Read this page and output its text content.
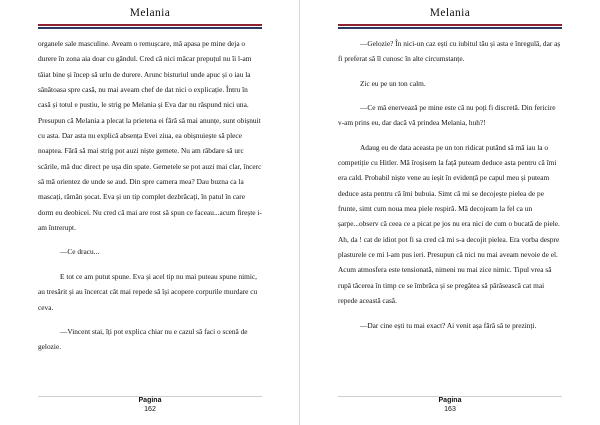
Melania

organele sale masculine. Aveam o remușcare, mă apasa pe mine deja o durere în zona aia doar cu gândul. Cred că nici măcar prepuțul nu îi l-am tăiat bine și încep să urlu de durere. Arunc bisturiul unde apuc și o iau la sănătoasa spre casă, nu mai aveam chef de dat nici o explicație. Întru în casă și totul e pustiu, le strig pe Melania și Eva dar nu răspund nici una. Presupun că Melania a plecat la prietena ei fără să mai anunțe, sunt obișnuit cu asta. Dar asta nu explică absența Evei ziua, ea obișnuiește să plece noaptea. Fără să mai strig pot auzi niște gemete. Nu am răbdare să urc scările, mă duc direct pe ușa din spate. Gemetele se pot auzi mai clar, încerc să mă orientez de unde se aud. Din spre camera mea? Dau buzna ca la mascați, rămân șocat. Eva și un tip complet dezbrăcați, în patul în care dorm eu deobicei. Nu cred că mai are rost să spun ce faceau...acum firește i-am întrerupt.

—Ce dracu...

E tot ce am putut spune. Eva și acel tip nu mai puteau spune nimic, au tresărit și au încercat cât mai repede să își acopere corpurile murdare cu ceva.

—Vincent stai, îți pot explica chiar nu e cazul să faci o scenă de gelozie.

Pagina
162
Melania

—Gelozie? În nici-un caz ești cu iubitul tău și asta e înregulă, dar aș fi preferat să îl cunosc în alte circumstanțe.

Zic eu pe un ton calm.

—Ce mă enervează pe mine este că nu poți fi discretă. Din fericire v-am prins eu, dar dacă vă prindea Melania, huh?!

Adaug eu de data aceasta pe un ton ridicat putând să mă iau la o competiție cu Hitler. Mă îroșisem la față puteam deduce asta pentru că îmi era cald. Probabil niște vene au ieșit în evidență pe capul meu și puteam deduce asta pentru că îmi bubuia. Simt că mi se decojește pielea de pe frunte, simt cum noua mea piele respiră. Mă decojeam la fel ca un șarpe...observ că ceea ce a picat pe jos nu era nici de cum o bucată de piele. Ah, da ! cat de idiot pot fi sa cred că mi s-a decojit pielea. Era vorba despre plasturele ce mi l-am pus ieri. Presupun că nici nu mai aveam nevoie de el. Acum atmosfera este tensionată, nimeni nu mai zice nimic. Tipul vrea să rupă tăcerea în timp ce se îmbrăca și se pregătea să părăsească cat mai repede această casă.

—Dar cine ești tu mai exact? Ai venit așa fără să te prezinți.

Pagina
163
